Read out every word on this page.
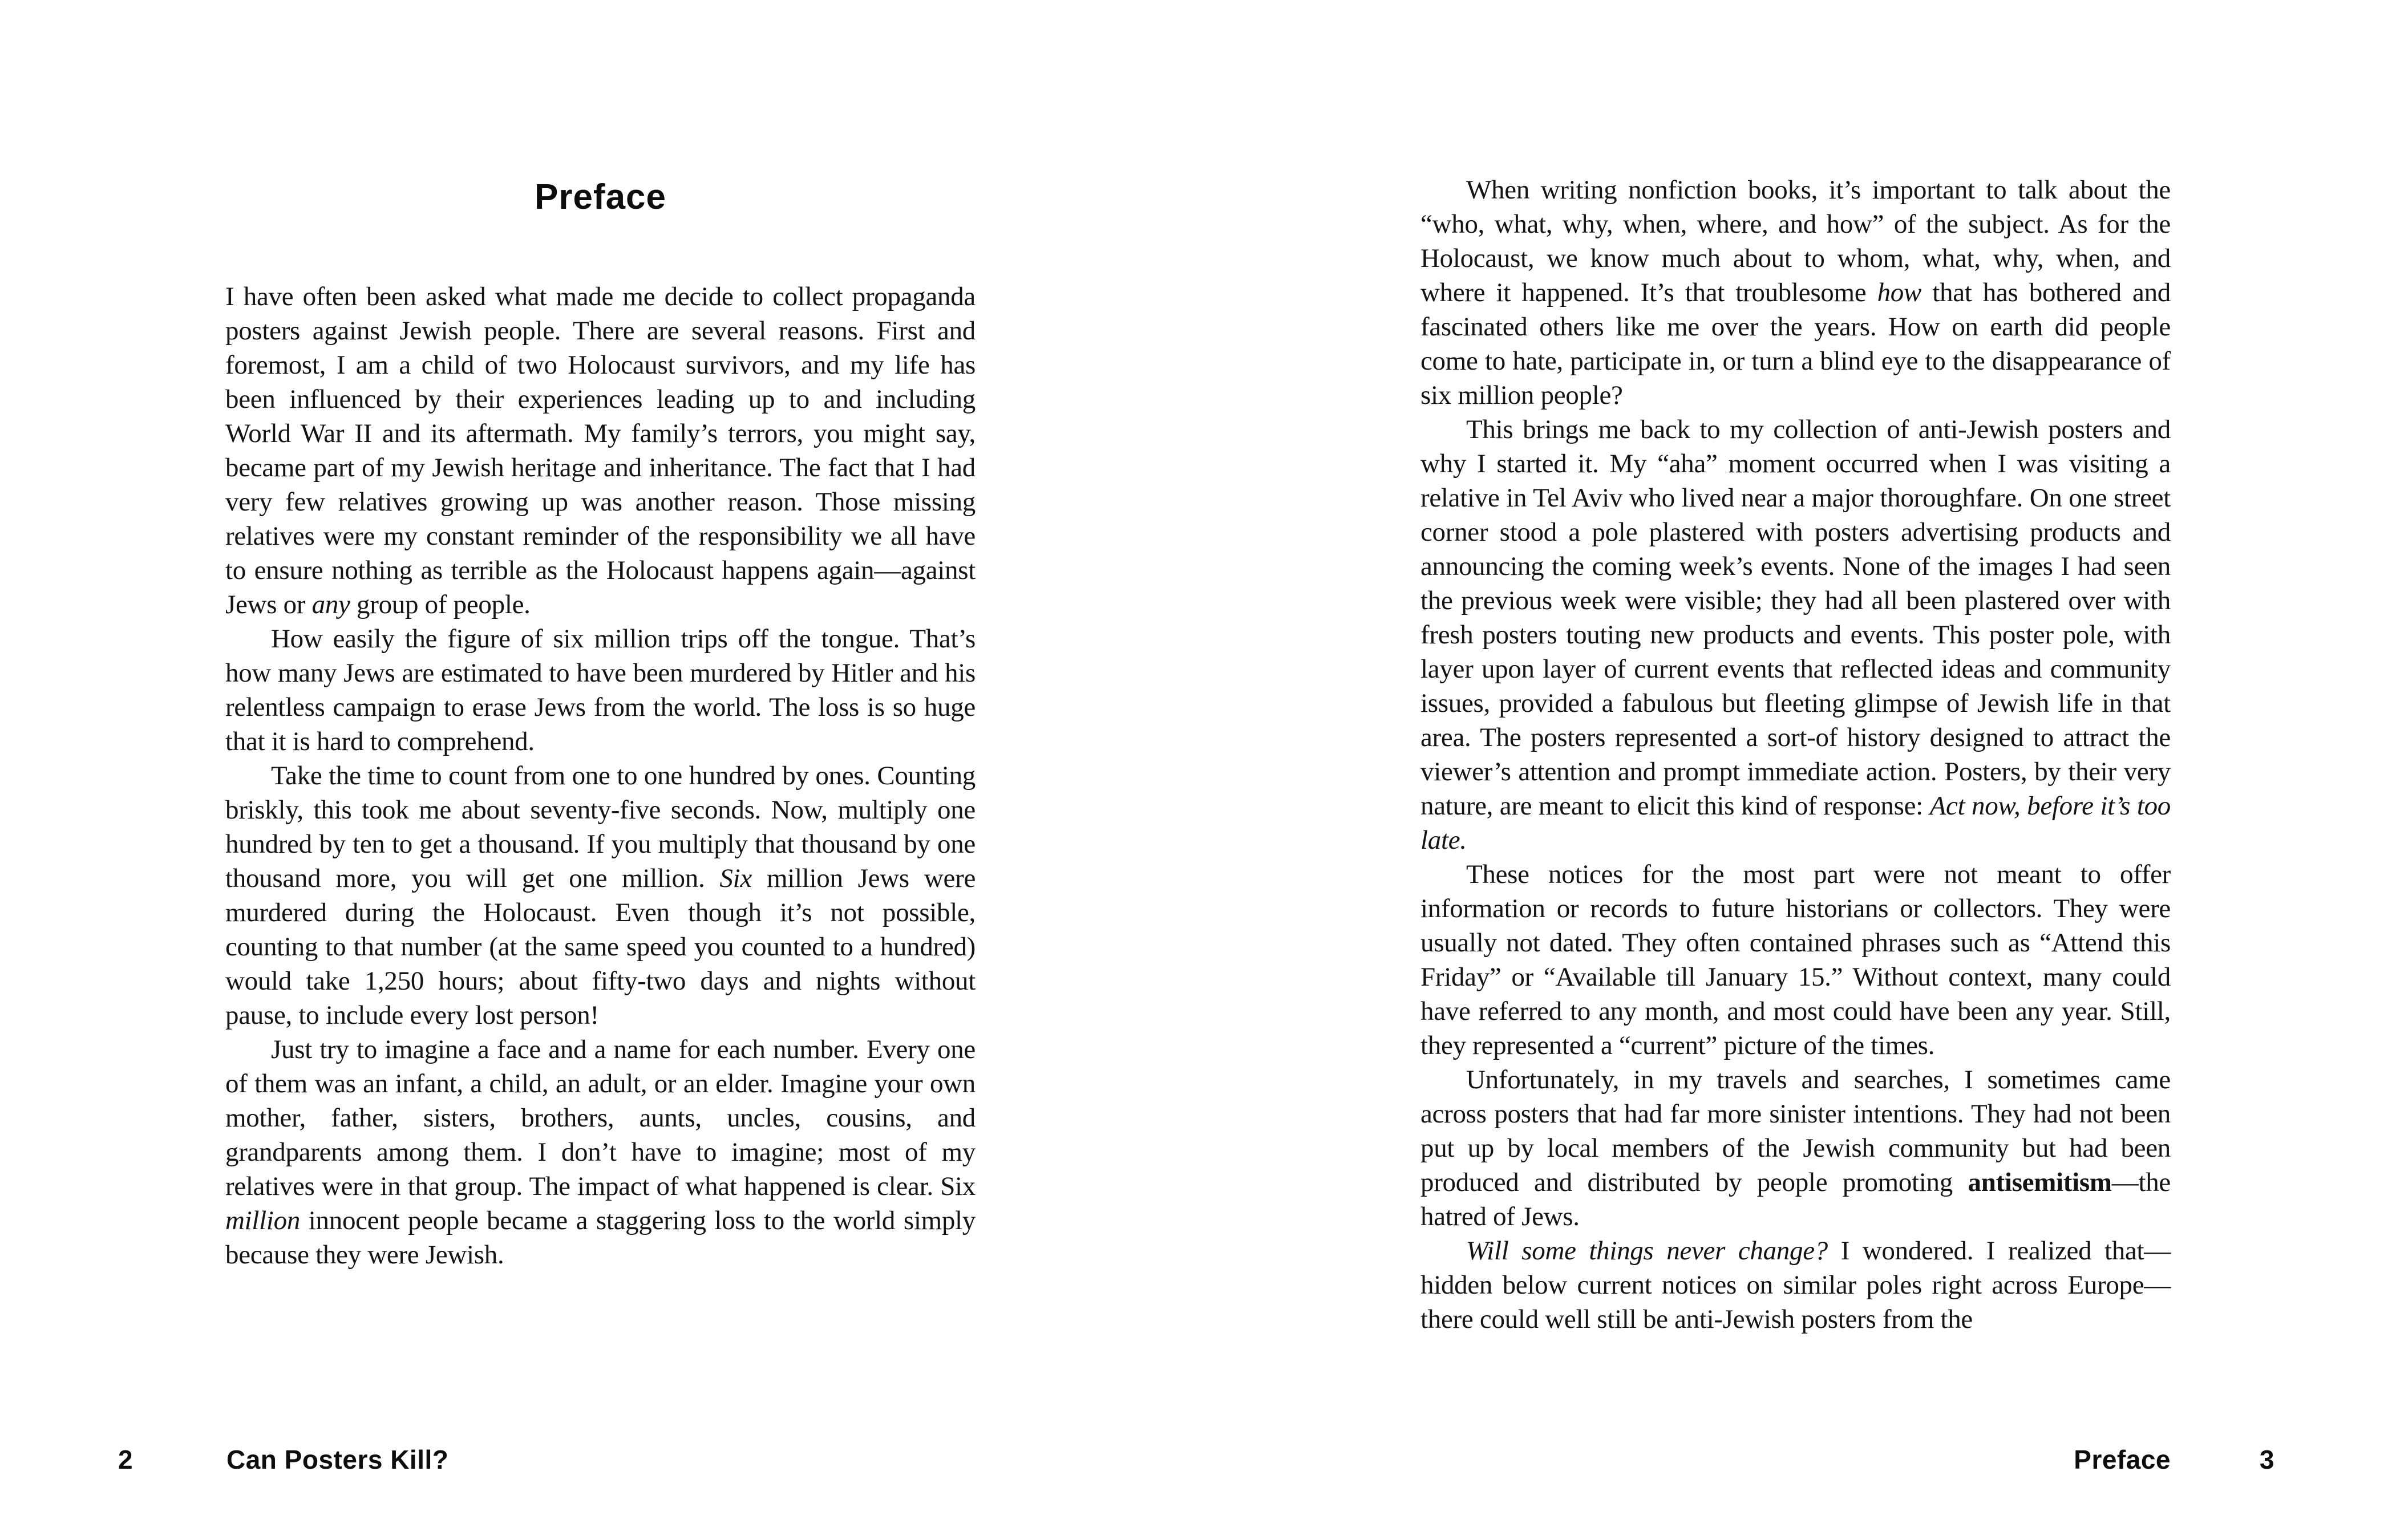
Preface

I have often been asked what made me decide to collect propaganda posters against Jewish people. There are several reasons. First and foremost, I am a child of two Holocaust survivors, and my life has been influenced by their experiences leading up to and including World War II and its aftermath. My family’s terrors, you might say, became part of my Jewish heritage and inheritance. The fact that I had very few relatives growing up was another reason. Those missing relatives were my constant reminder of the responsibility we all have to ensure nothing as terrible as the Holocaust happens again—against Jews or any group of people.

How easily the figure of six million trips off the tongue. That’s how many Jews are estimated to have been murdered by Hitler and his relentless campaign to erase Jews from the world. The loss is so huge that it is hard to comprehend.

Take the time to count from one to one hundred by ones. Counting briskly, this took me about seventy-five seconds. Now, multiply one hundred by ten to get a thousand. If you multiply that thousand by one thousand more, you will get one million. Six million Jews were murdered during the Holocaust. Even though it’s not possible, counting to that number (at the same speed you counted to a hundred) would take 1,250 hours; about fifty-two days and nights without pause, to include every lost person!

Just try to imagine a face and a name for each number. Every one of them was an infant, a child, an adult, or an elder. Imagine your own mother, father, sisters, brothers, aunts, uncles, cousins, and grandparents among them. I don’t have to imagine; most of my relatives were in that group. The impact of what happened is clear. Six million innocent people became a staggering loss to the world simply because they were Jewish.

When writing nonfiction books, it’s important to talk about the “who, what, why, when, where, and how” of the subject. As for the Holocaust, we know much about to whom, what, why, when, and where it happened. It’s that troublesome how that has bothered and fascinated others like me over the years. How on earth did people come to hate, participate in, or turn a blind eye to the disappearance of six million people?

This brings me back to my collection of anti-Jewish posters and why I started it. My “aha” moment occurred when I was visiting a relative in Tel Aviv who lived near a major thoroughfare. On one street corner stood a pole plastered with posters advertising products and announcing the coming week’s events. None of the images I had seen the previous week were visible; they had all been plastered over with fresh posters touting new products and events. This poster pole, with layer upon layer of current events that reflected ideas and community issues, provided a fabulous but fleeting glimpse of Jewish life in that area. The posters represented a sort-of history designed to attract the viewer’s attention and prompt immediate action. Posters, by their very nature, are meant to elicit this kind of response: Act now, before it’s too late.

These notices for the most part were not meant to offer information or records to future historians or collectors. They were usually not dated. They often contained phrases such as “Attend this Friday” or “Available till January 15.” Without context, many could have referred to any month, and most could have been any year. Still, they represented a “current” picture of the times.

Unfortunately, in my travels and searches, I sometimes came across posters that had far more sinister intentions. They had not been put up by local members of the Jewish community but had been produced and distributed by people promoting antisemitism—the hatred of Jews.

Will some things never change? I wondered. I realized that—hidden below current notices on similar poles right across Europe—there could well still be anti-Jewish posters from the

2	Can Posters Kill?	Preface	3
